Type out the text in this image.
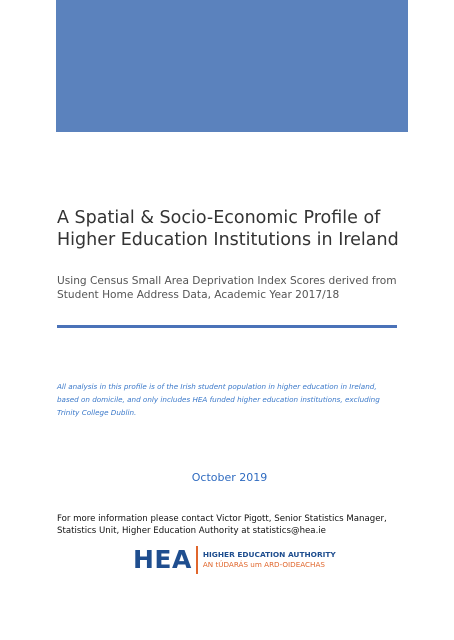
A Spatial & Socio-Economic Profile of
Higher Education Institutions in Ireland

Using Census Small Area Deprivation Index Scores derived from
Student Home Address Data, Academic Year 2017/18

All analysis in this profile is of the Irish student population in higher education in Ireland,
based on domicile, and only includes HEA funded higher education institutions, excluding
Trinity College Dublin.

October 2019

For more information please contact Victor Pigott, Senior Statistics Manager,
Statistics Unit, Higher Education Authority at statistics@hea.ie

HEA HIGHER EDUCATION AUTHORITY
AN tÚDARÁS um ARD-OIDEACHAS
